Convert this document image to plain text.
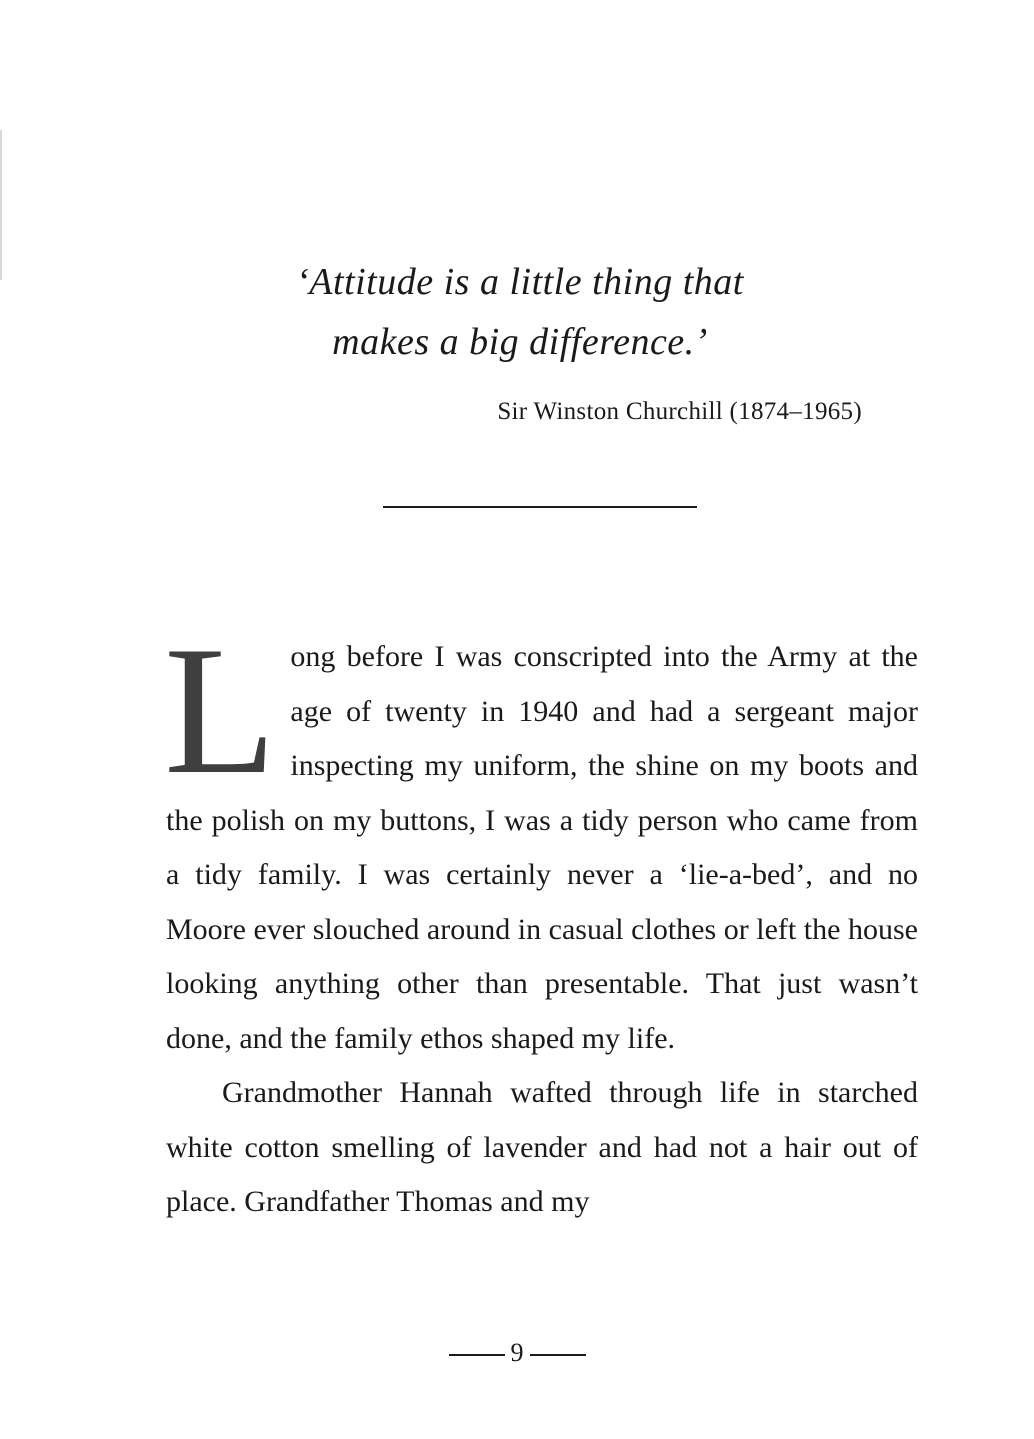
‘Attitude is a little thing that
makes a big difference.’
Sir Winston Churchill (1874–1965)

Long before I was conscripted into the Army at the age of twenty in 1940 and had a sergeant major inspecting my uniform, the shine on my boots and the polish on my buttons, I was a tidy person who came from a tidy family. I was certainly never a ‘lie-a-bed’, and no Moore ever slouched around in casual clothes or left the house looking anything other than presentable. That just wasn’t done, and the family ethos shaped my life.

Grandmother Hannah wafted through life in starched white cotton smelling of lavender and had not a hair out of place. Grandfather Thomas and my

9
